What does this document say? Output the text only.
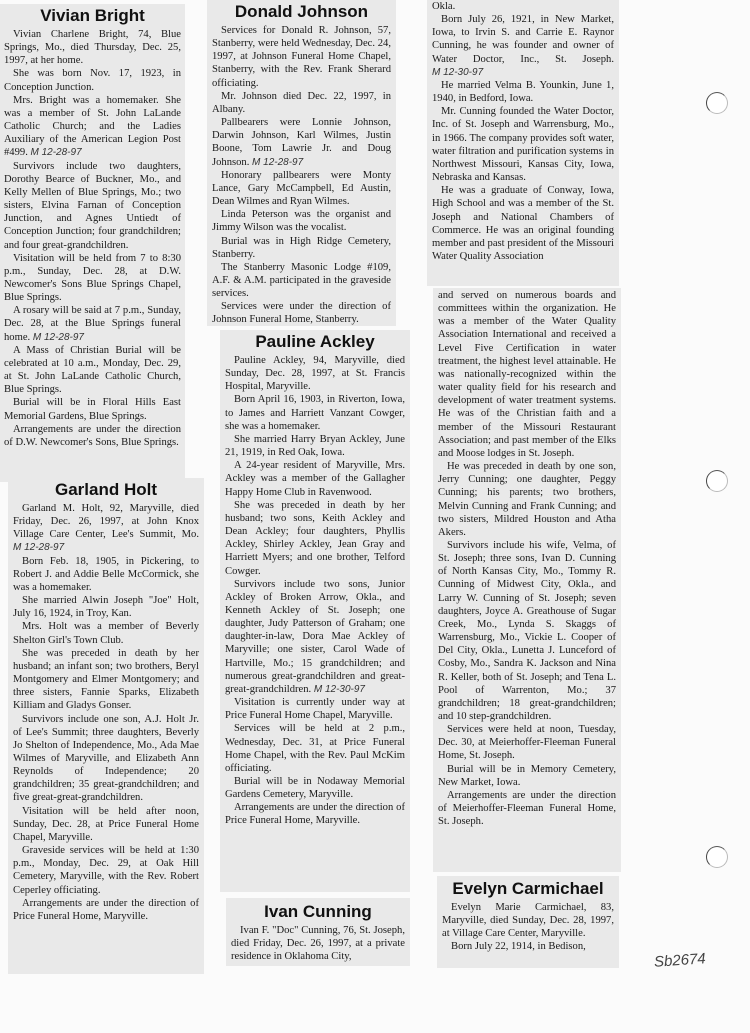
Vivian Bright

Vivian Charlene Bright, 74, Blue Springs, Mo., died Thursday, Dec. 25, 1997, at her home.

She was born Nov. 17, 1923, in Conception Junction.

Mrs. Bright was a homemaker. She was a member of St. John LaLande Catholic Church; and the Ladies Auxiliary of the American Legion Post #499. M 12-28-97

Survivors include two daughters, Dorothy Bearce of Buckner, Mo., and Kelly Mellen of Blue Springs, Mo.; two sisters, Elvina Farnan of Conception Junction, and Agnes Untiedt of Conception Junction; four grandchildren; and four great-grandchildren.

Visitation will be held from 7 to 8:30 p.m., Sunday, Dec. 28, at D.W. Newcomer's Sons Blue Springs Chapel, Blue Springs.

A rosary will be said at 7 p.m., Sunday, Dec. 28, at the Blue Springs funeral home. M 12-28-97

A Mass of Christian Burial will be celebrated at 10 a.m., Monday, Dec. 29, at St. John LaLande Catholic Church, Blue Springs.

Burial will be in Floral Hills East Memorial Gardens, Blue Springs.

Arrangements are under the direction of D.W. Newcomer's Sons, Blue Springs.

Garland Holt

Garland M. Holt, 92, Maryville, died Friday, Dec. 26, 1997, at John Knox Village Care Center, Lee's Summit, Mo. M 12-28-97

Born Feb. 18, 1905, in Pickering, to Robert J. and Addie Belle McCormick, she was a homemaker.

She married Alwin Joseph "Joe" Holt, July 16, 1924, in Troy, Kan.

Mrs. Holt was a member of Beverly Shelton Girl's Town Club.

She was preceded in death by her husband; an infant son; two brothers, Beryl Montgomery and Elmer Montgomery; and three sisters, Fannie Sparks, Elizabeth Killiam and Gladys Gonser.

Survivors include one son, A.J. Holt Jr. of Lee's Summit; three daughters, Beverly Jo Shelton of Independence, Mo., Ada Mae Wilmes of Maryville, and Elizabeth Ann Reynolds of Independence; 20 grandchildren; 35 great-grandchildren; and five great-great-grandchildren.

Visitation will be held after noon, Sunday, Dec. 28, at Price Funeral Home Chapel, Maryville.

Graveside services will be held at 1:30 p.m., Monday, Dec. 29, at Oak Hill Cemetery, Maryville, with the Rev. Robert Ceperley officiating.

Arrangements are under the direction of Price Funeral Home, Maryville.

Donald Johnson

Services for Donald R. Johnson, 57, Stanberry, were held Wednesday, Dec. 24, 1997, at Johnson Funeral Home Chapel, Stanberry, with the Rev. Frank Sherard officiating.

Mr. Johnson died Dec. 22, 1997, in Albany.

Pallbearers were Lonnie Johnson, Darwin Johnson, Karl Wilmes, Justin Boone, Tom Lawrie Jr. and Doug Johnson. M 12-28-97

Honorary pallbearers were Monty Lance, Gary McCampbell, Ed Austin, Dean Wilmes and Ryan Wilmes.

Linda Peterson was the organist and Jimmy Wilson was the vocalist.

Burial was in High Ridge Cemetery, Stanberry.

The Stanberry Masonic Lodge #109, A.F. & A.M. participated in the graveside services.

Services were under the direction of Johnson Funeral Home, Stanberry.

Pauline Ackley

Pauline Ackley, 94, Maryville, died Sunday, Dec. 28, 1997, at St. Francis Hospital, Maryville.

Born April 16, 1903, in Riverton, Iowa, to James and Harriett Vanzant Cowger, she was a homemaker.

She married Harry Bryan Ackley, June 21, 1919, in Red Oak, Iowa.

A 24-year resident of Maryville, Mrs. Ackley was a member of the Gallagher Happy Home Club in Ravenwood.

She was preceded in death by her husband; two sons, Keith Ackley and Dean Ackley; four daughters, Phyllis Ackley, Shirley Ackley, Jean Gray and Harriett Myers; and one brother, Telford Cowger.

Survivors include two sons, Junior Ackley of Broken Arrow, Okla., and Kenneth Ackley of St. Joseph; one daughter, Judy Patterson of Graham; one daughter-in-law, Dora Mae Ackley of Maryville; one sister, Carol Wade of Hartville, Mo.; 15 grandchildren; and numerous great-grandchildren and great-great-grandchildren. M 12-30-97

Visitation is currently under way at Price Funeral Home Chapel, Maryville.

Services will be held at 2 p.m., Wednesday, Dec. 31, at Price Funeral Home Chapel, with the Rev. Paul McKim officiating.

Burial will be in Nodaway Memorial Gardens Cemetery, Maryville.

Arrangements are under the direction of Price Funeral Home, Maryville.

Ivan Cunning

Ivan F. "Doc" Cunning, 76, St. Joseph, died Friday, Dec. 26, 1997, at a private residence in Oklahoma City,

Okla.

Born July 26, 1921, in New Market, Iowa, to Irvin S. and Carrie E. Raynor Cunning, he was founder and owner of Water Doctor, Inc., St. Joseph. M 12-30-97

He married Velma B. Younkin, June 1, 1940, in Bedford, Iowa.

Mr. Cunning founded the Water Doctor, Inc. of St. Joseph and Warrensburg, Mo., in 1966. The company provides soft water, water filtration and purification systems in Northwest Missouri, Kansas City, Iowa, Nebraska and Kansas.

He was a graduate of Conway, Iowa, High School and was a member of the St. Joseph and National Chambers of Commerce. He was an original founding member and past president of the Missouri Water Quality Association

and served on numerous boards and committees within the organization. He was a member of the Water Quality Association International and received a Level Five Certification in water treatment, the highest level attainable. He was nationally-recognized within the water quality field for his research and development of water treatment systems. He was of the Christian faith and a member of the Missouri Restaurant Association; and past member of the Elks and Moose lodges in St. Joseph.

He was preceded in death by one son, Jerry Cunning; one daughter, Peggy Cunning; his parents; two brothers, Melvin Cunning and Frank Cunning; and two sisters, Mildred Houston and Atha Akers.

Survivors include his wife, Velma, of St. Joseph; three sons, Ivan D. Cunning of North Kansas City, Mo., Tommy R. Cunning of Midwest City, Okla., and Larry W. Cunning of St. Joseph; seven daughters, Joyce A. Greathouse of Sugar Creek, Mo., Lynda S. Skaggs of Warrensburg, Mo., Vickie L. Cooper of Del City, Okla., Lunetta J. Lunceford of Cosby, Mo., Sandra K. Jackson and Nina R. Keller, both of St. Joseph; and Tena L. Pool of Warrenton, Mo.; 37 grandchildren; 18 great-grandchildren; and 10 step-grandchildren.

Services were held at noon, Tuesday, Dec. 30, at Meierhoffer-Fleeman Funeral Home, St. Joseph.

Burial will be in Memory Cemetery, New Market, Iowa.

Arrangements are under the direction of Meierhoffer-Fleeman Funeral Home, St. Joseph.

Evelyn Carmichael

Evelyn Marie Carmichael, 83, Maryville, died Sunday, Dec. 28, 1997, at Village Care Center, Maryville.

Born July 22, 1914, in Bedison,

Sb2674
